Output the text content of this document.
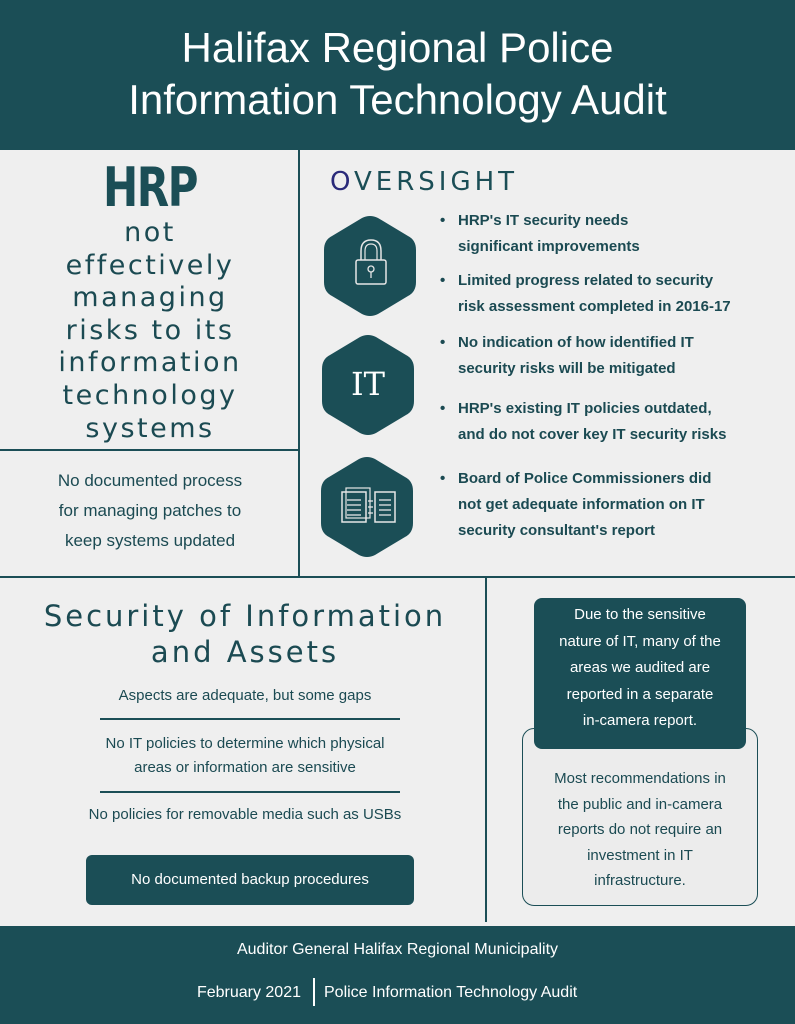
Halifax Regional Police
Information Technology Audit
HRP
not
effectively
managing
risks to its
information
technology
systems
No documented process
for managing patches to
keep systems updated
OVERSIGHT
IT
• HRP's IT security needs
significant improvements
• Limited progress related to security
risk assessment completed in 2016-17
• No indication of how identified IT
security risks will be mitigated
• HRP's existing IT policies outdated,
and do not cover key IT security risks
• Board of Police Commissioners did
not get adequate information on IT
security consultant's report
Security of Information
and Assets
Aspects are adequate, but some gaps
No IT policies to determine which physical
areas or information are sensitive
No policies for removable media such as USBs
No documented backup procedures
Most recommendations in
the public and in-camera
reports do not require an
investment in IT
infrastructure.
Due to the sensitive
nature of IT, many of the
areas we audited are
reported in a separate
in-camera report.
Auditor General Halifax Regional Municipality
February 2021 Police Information Technology Audit
